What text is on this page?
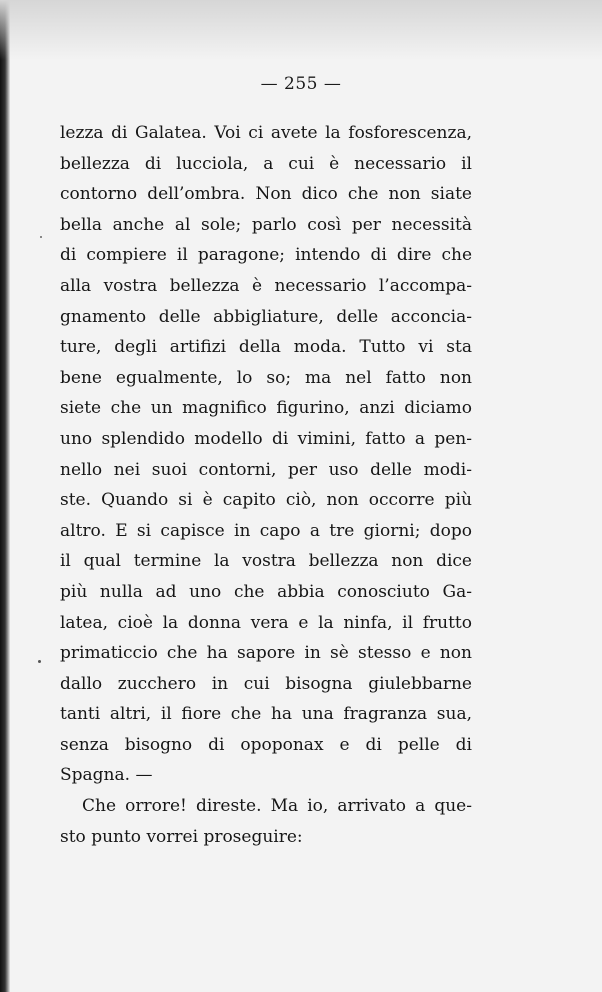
— 255 —
lezza di Galatea. Voi ci avete la fosforescenza,
bellezza di lucciola, a cui è necessario il
contorno dell’ombra. Non dico che non siate
bella anche al sole; parlo così per necessità
di compiere il paragone; intendo di dire che
alla vostra bellezza è necessario l’accompa-
gnamento delle abbigliature, delle acconcia-
ture, degli artifizi della moda. Tutto vi sta
bene egualmente, lo so; ma nel fatto non
siete che un magnifico figurino, anzi diciamo
uno splendido modello di vimini, fatto a pen-
nello nei suoi contorni, per uso delle modi-
ste. Quando si è capito ciò, non occorre più
altro. E si capisce in capo a tre giorni; dopo
il qual termine la vostra bellezza non dice
più nulla ad uno che abbia conosciuto Ga-
latea, cioè la donna vera e la ninfa, il frutto
primaticcio che ha sapore in sè stesso e non
dallo zucchero in cui bisogna giulebbarne
tanti altri, il fiore che ha una fragranza sua,
senza bisogno di opoponax e di pelle di
Spagna. —
Che orrore! direste. Ma io, arrivato a que-
sto punto vorrei proseguire:
